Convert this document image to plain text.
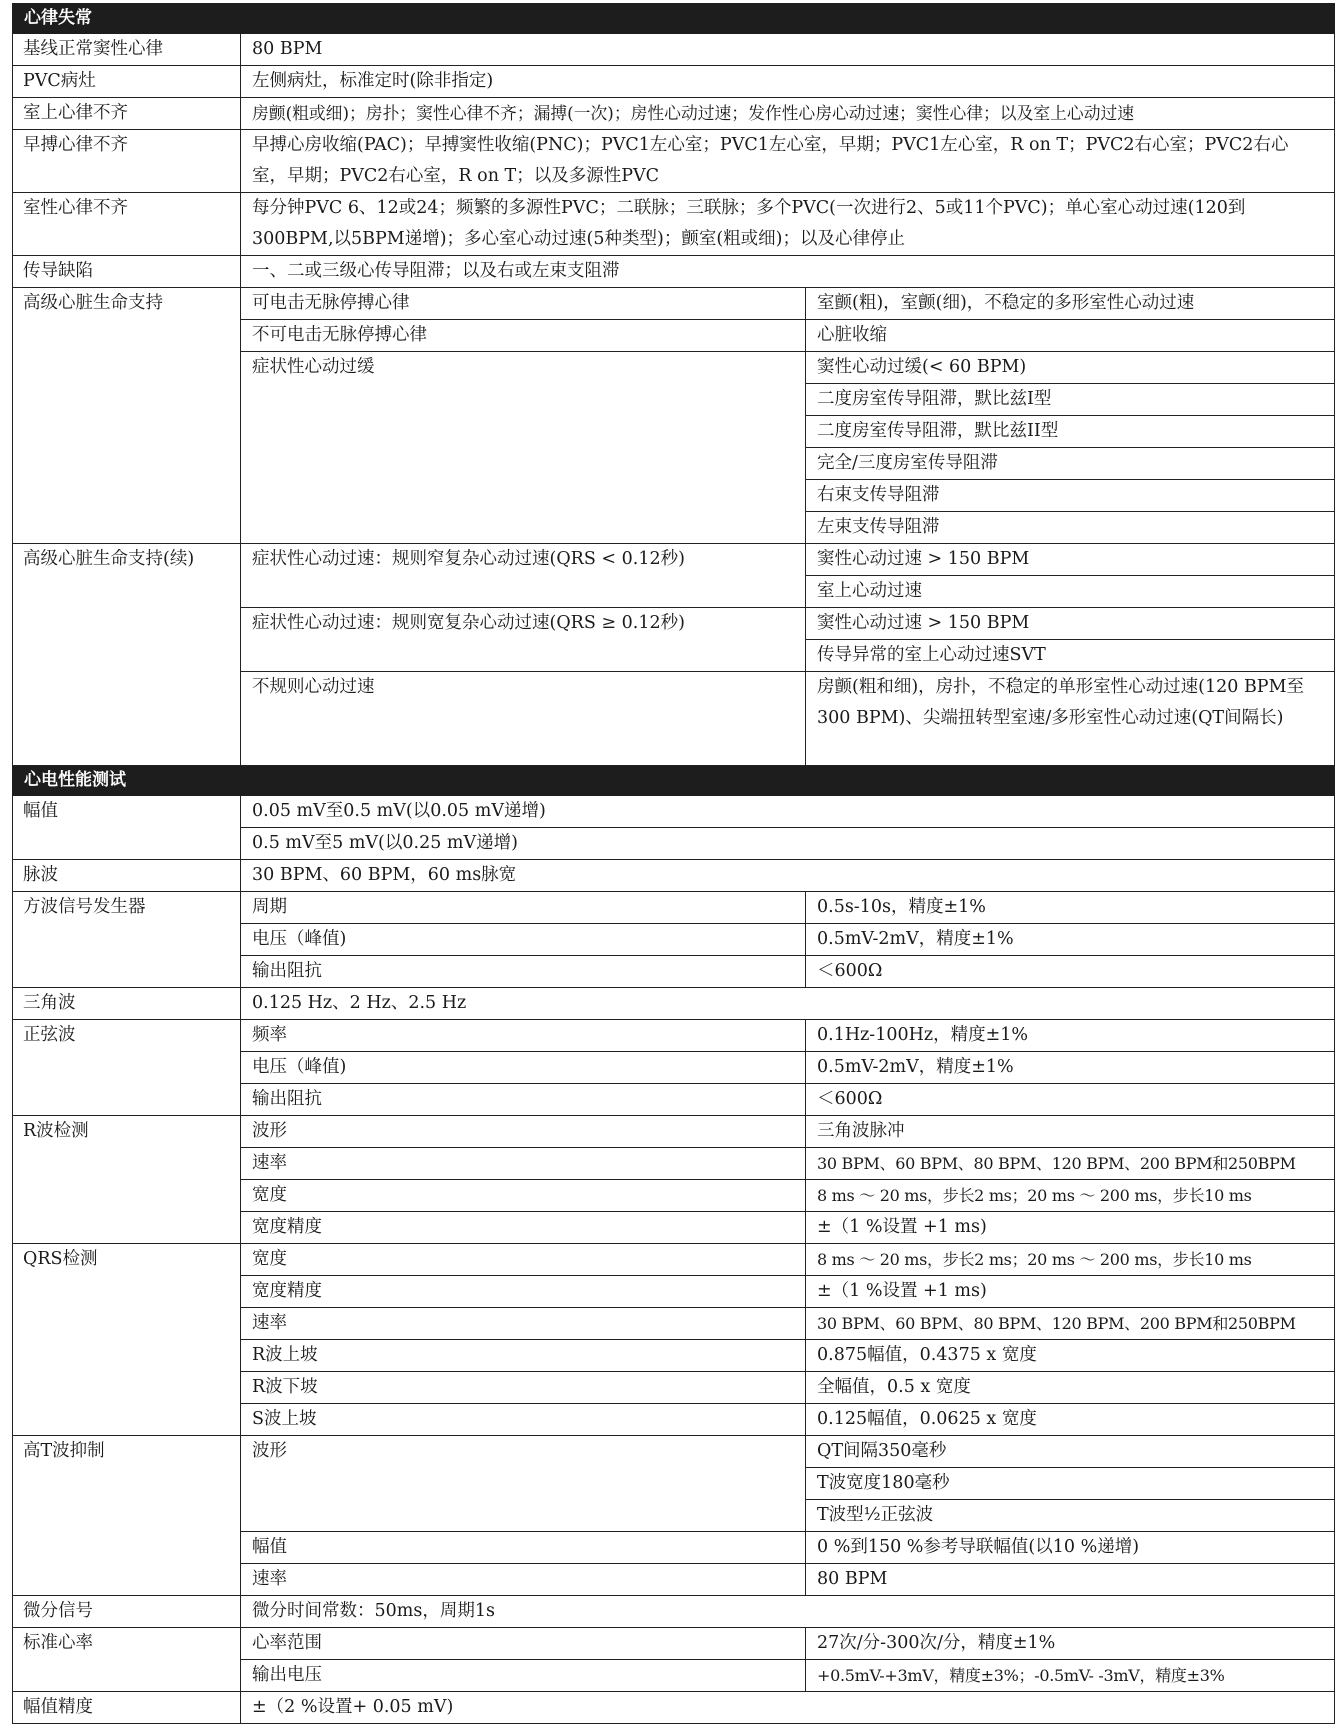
心律失常		
基线正常窦性心律	80 BPM	
PVC病灶	左侧病灶，标准定时(除非指定)	
室上心律不齐	房颤(粗或细)；房扑；窦性心律不齐；漏搏(一次)；房性心动过速；发作性心房心动过速；窦性心律；以及室上心动过速	
早搏心律不齐	早搏心房收缩(PAC)；早搏窦性收缩(PNC)；PVC1左心室；PVC1左心室，早期；PVC1左心室，R on T；PVC2右心室；PVC2右心室，早期；PVC2右心室，R on T；以及多源性PVC	
室性心律不齐	每分钟PVC 6、12或24；频繁的多源性PVC；二联脉；三联脉；多个PVC(一次进行2、5或11个PVC)；单心室心动过速(120到300BPM,以5BPM递增)；多心室心动过速(5种类型)；颤室(粗或细)；以及心律停止	
传导缺陷	一、二或三级心传导阻滞；以及右或左束支阻滞	
高级心脏生命支持	可电击无脉停搏心律	室颤(粗)，室颤(细)，不稳定的多形室性心动过速
	不可电击无脉停搏心律	心脏收缩
	症状性心动过缓	窦性心动过缓(< 60 BPM)
		二度房室传导阻滞，默比兹I型
		二度房室传导阻滞，默比兹II型
		完全/三度房室传导阻滞
		右束支传导阻滞
		左束支传导阻滞
高级心脏生命支持(续)	症状性心动过速：规则窄复杂心动过速(QRS < 0.12秒)	窦性心动过速 > 150 BPM
		室上心动过速
	症状性心动过速：规则宽复杂心动过速(QRS ≥ 0.12秒)	窦性心动过速 > 150 BPM
		传导异常的室上心动过速SVT
	不规则心动过速	房颤(粗和细)，房扑，不稳定的单形室性心动过速(120 BPM至300 BPM)、尖端扭转型室速/多形室性心动过速(QT间隔长)
心电性能测试		
幅值	0.05 mV至0.5 mV(以0.05 mV递增)	
	0.5 mV至5 mV(以0.25 mV递增)	
脉波	30 BPM、60 BPM，60 ms脉宽	
方波信号发生器	周期	0.5s-10s，精度±1%
	电压（峰值)	0.5mV-2mV，精度±1%
	输出阻抗	＜600Ω
三角波	0.125 Hz、2 Hz、2.5 Hz	
正弦波	频率	0.1Hz-100Hz，精度±1%
	电压（峰值)	0.5mV-2mV，精度±1%
	输出阻抗	＜600Ω
R波检测	波形	三角波脉冲
	速率	30 BPM、60 BPM、80 BPM、120 BPM、200 BPM和250BPM
	宽度	8 ms ～ 20 ms，步长2 ms；20 ms ～ 200 ms，步长10 ms
	宽度精度	±（1 %设置 +1 ms)
QRS检测	宽度	8 ms ～ 20 ms，步长2 ms；20 ms ～ 200 ms，步长10 ms
	宽度精度	±（1 %设置 +1 ms)
	速率	30 BPM、60 BPM、80 BPM、120 BPM、200 BPM和250BPM
	R波上坡	0.875幅值，0.4375 x 宽度
	R波下坡	全幅值，0.5 x 宽度
	S波上坡	0.125幅值，0.0625 x 宽度
高T波抑制	波形	QT间隔350毫秒
		T波宽度180毫秒
		T波型½正弦波
	幅值	0 %到150 %参考导联幅值(以10 %递增)
	速率	80 BPM
微分信号	微分时间常数：50ms，周期1s	
标准心率	心率范围	27次/分-300次/分，精度±1%
	输出电压	+0.5mV-+3mV，精度±3%；-0.5mV- -3mV，精度±3%
幅值精度	±（2 %设置+ 0.05 mV)	
